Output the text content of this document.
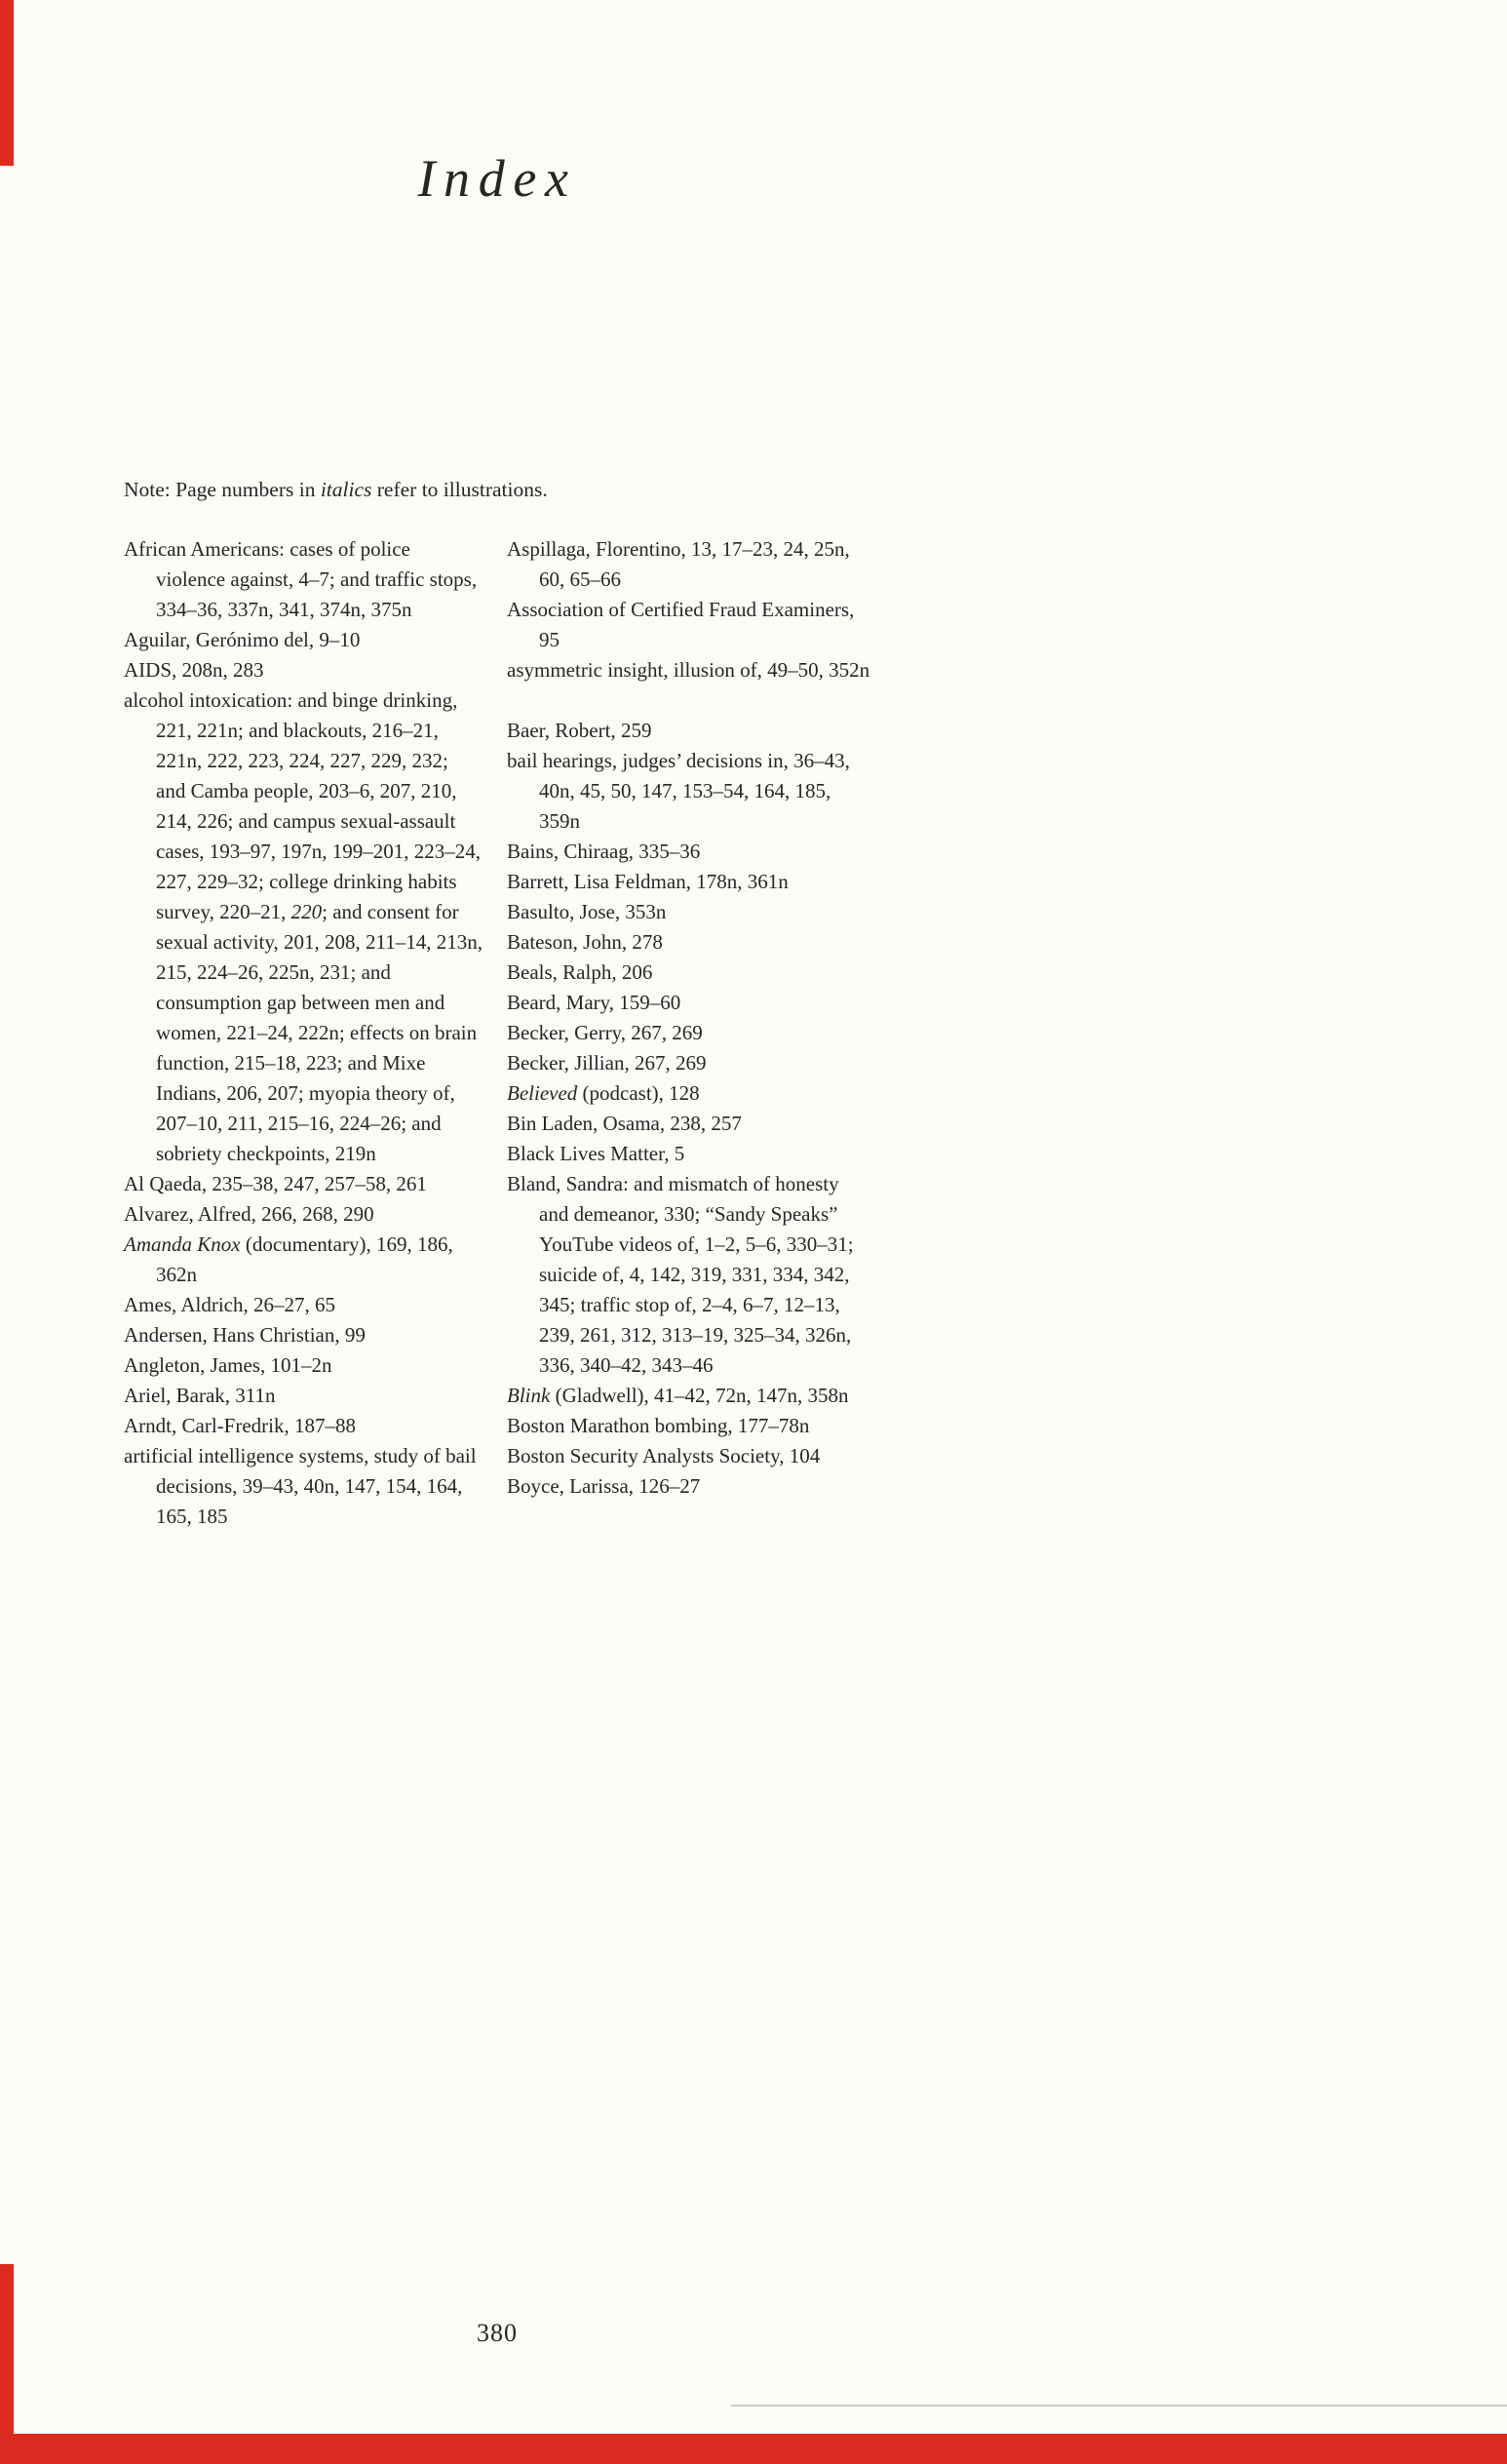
Index

Note: Page numbers in italics refer to illustrations.

African Americans: cases of police violence against, 4–7; and traffic stops, 334–36, 337n, 341, 374n, 375n
Aguilar, Gerónimo del, 9–10
AIDS, 208n, 283
alcohol intoxication: and binge drinking, 221, 221n; and blackouts, 216–21, 221n, 222, 223, 224, 227, 229, 232; and Camba people, 203–6, 207, 210, 214, 226; and campus sexual-assault cases, 193–97, 197n, 199–201, 223–24, 227, 229–32; college drinking habits survey, 220–21, 220; and consent for sexual activity, 201, 208, 211–14, 213n, 215, 224–26, 225n, 231; and consumption gap between men and women, 221–24, 222n; effects on brain function, 215–18, 223; and Mixe Indians, 206, 207; myopia theory of, 207–10, 211, 215–16, 224–26; and sobriety checkpoints, 219n
Al Qaeda, 235–38, 247, 257–58, 261
Alvarez, Alfred, 266, 268, 290
Amanda Knox (documentary), 169, 186, 362n
Ames, Aldrich, 26–27, 65
Andersen, Hans Christian, 99
Angleton, James, 101–2n
Ariel, Barak, 311n
Arndt, Carl-Fredrik, 187–88
artificial intelligence systems, study of bail decisions, 39–43, 40n, 147, 154, 164, 165, 185
Aspillaga, Florentino, 13, 17–23, 24, 25n, 60, 65–66
Association of Certified Fraud Examiners, 95
asymmetric insight, illusion of, 49–50, 352n
Baer, Robert, 259
bail hearings, judges’ decisions in, 36–43, 40n, 45, 50, 147, 153–54, 164, 185, 359n
Bains, Chiraag, 335–36
Barrett, Lisa Feldman, 178n, 361n
Basulto, Jose, 353n
Bateson, John, 278
Beals, Ralph, 206
Beard, Mary, 159–60
Becker, Gerry, 267, 269
Becker, Jillian, 267, 269
Believed (podcast), 128
Bin Laden, Osama, 238, 257
Black Lives Matter, 5
Bland, Sandra: and mismatch of honesty and demeanor, 330; “Sandy Speaks” YouTube videos of, 1–2, 5–6, 330–31; suicide of, 4, 142, 319, 331, 334, 342, 345; traffic stop of, 2–4, 6–7, 12–13, 239, 261, 312, 313–19, 325–34, 326n, 336, 340–42, 343–46
Blink (Gladwell), 41–42, 72n, 147n, 358n
Boston Marathon bombing, 177–78n
Boston Security Analysts Society, 104
Boyce, Larissa, 126–27
380
